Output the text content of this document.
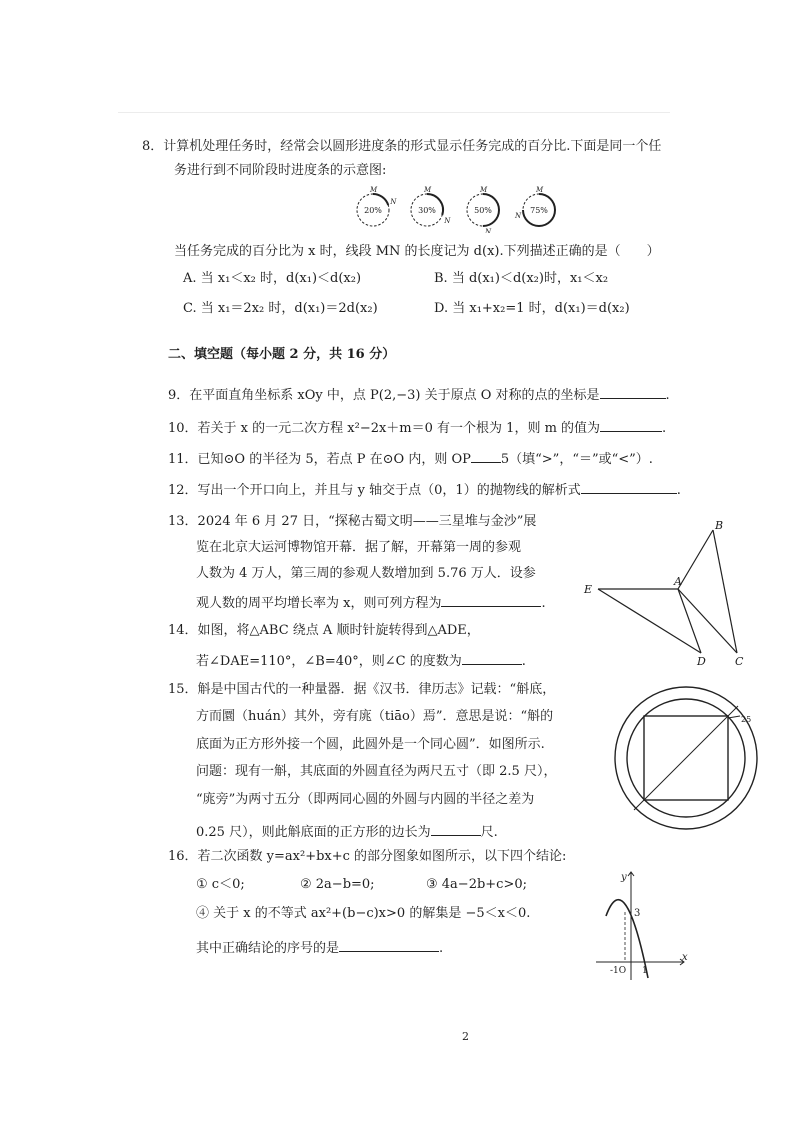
8．计算机处理任务时，经常会以圆形进度条的形式显示任务完成的百分比.下面是同一个任
务进行到不同阶段时进度条的示意图:
20%
M
N
30%
M
N
50%
M
N
75%
M
N
当任务完成的百分比为 x 时，线段 MN 的长度记为 d(x).下列描述正确的是（　　）
A. 当 x₁＜x₂ 时，d(x₁)＜d(x₂)	B. 当 d(x₁)＜d(x₂)时，x₁＜x₂
C. 当 x₁＝2x₂ 时，d(x₁)＝2d(x₂)	D. 当 x₁+x₂=1 时，d(x₁)＝d(x₂)
二、填空题（每小题 2 分，共 16 分）
9．在平面直角坐标系 xOy 中，点 P(2,−3) 关于原点 O 对称的点的坐标是	.
10．若关于 x 的一元二次方程 x²−2x＋m＝0 有一个根为 1，则 m 的值为	.
11．已知⊙O 的半径为 5，若点 P 在⊙O 内，则 OP 5（填“>”，“＝”或“<”）.
12．写出一个开口向上，并且与 y 轴交于点（0，1）的抛物线的解析式	.
13．2024 年 6 月 27 日，“探秘古蜀文明——三星堆与金沙”展
览在北京大运河博物馆开幕．据了解，开幕第一周的参观
人数为 4 万人，第三周的参观人数增加到 5.76 万人．设参
观人数的周平均增长率为 x，则可列方程为	.
14．如图，将△ABC 绕点 A 顺时针旋转得到△ADE，
若∠DAE=110°，∠B=40°，则∠C 的度数为	.
B
A
E
D	C
15．斛是中国古代的一种量器．据《汉书．律历志》记载：“斛底，
方而圜（huán）其外，旁有庣（tiāo）焉”．意思是说：“斛的
底面为正方形外接一个圆，此圆外是一个同心圆”．如图所示.
问题：现有一斛，其底面的外圆直径为两尺五寸（即 2.5 尺），
“庣旁”为两寸五分（即两同心圆的外圆与内圆的半径之差为
0.25 尺），则此斛底面的正方形的边长为	尺.
25
16．若二次函数 y=ax²+bx+c 的部分图象如图所示，以下四个结论:
① c＜0;	② 2a−b=0;	③ 4a−2b+c>0;
④ 关于 x 的不等式 ax²+(b−c)x>0 的解集是 −5＜x＜0.
其中正确结论的序号的是	.
y
x
3
-1O 1
2
